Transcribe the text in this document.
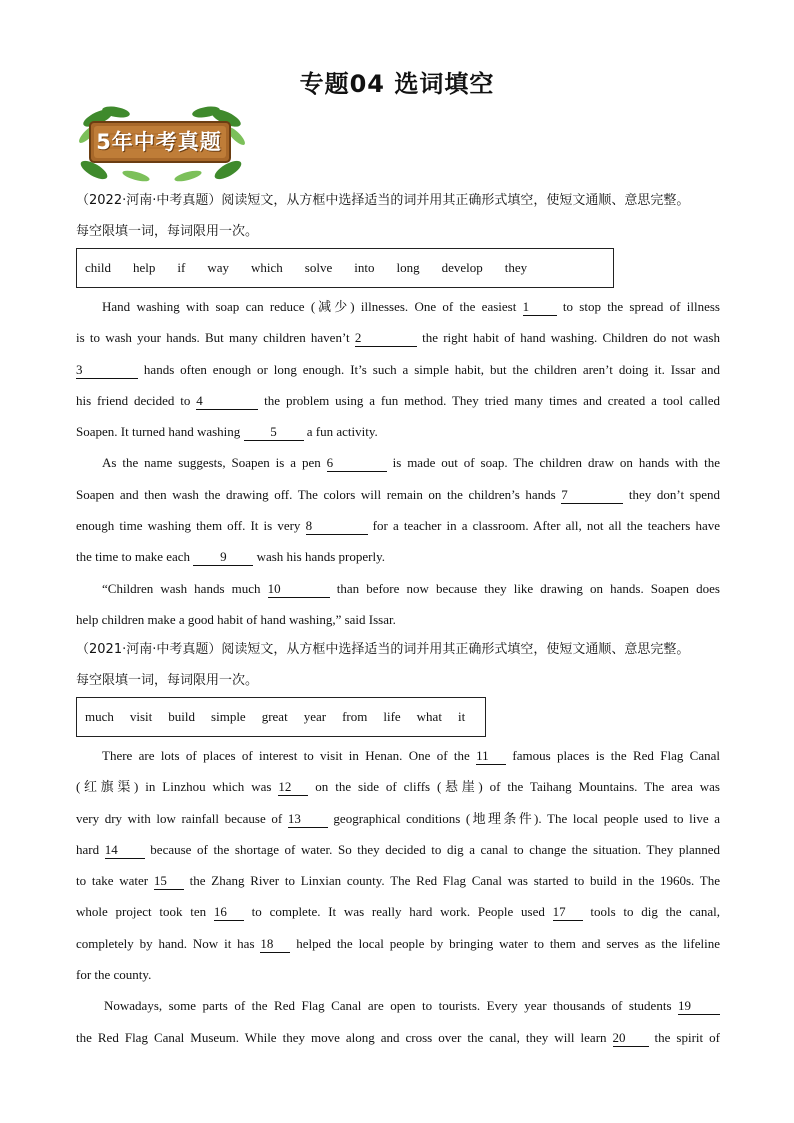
专题04 选词填空
5年中考真题

（2022·河南·中考真题）阅读短文，从方框中选择适当的词并用其正确形式填空，使短文通顺、意思完整。
每空限填一词，每词限用一次。

child help if way which solve into long develop they

Hand washing with soap can reduce (减少) illnesses. One of the easiest 1 to stop the spread of illness
is to wash your hands. But many children haven’t 2	the right habit of hand washing. Children do not wash
3	hands often enough or long enough. It’s such a simple habit, but the children aren’t doing it. Issar and
his friend decided to 4	the problem using a fun method. They tried many times and created a tool called
Soapen. It turned hand washing 5 a fun activity.
As the name suggests, Soapen is a pen 6	is made out of soap. The children draw on hands with the
Soapen and then wash the drawing off. The colors will remain on the children’s hands 7	they don’t spend
enough time washing them off. It is very 8	for a teacher in a classroom. After all, not all the teachers have
the time to make each 9 wash his hands properly.
“Children wash hands much 10	than before now because they like drawing on hands. Soapen does
help children make a good habit of hand washing,” said Issar.

（2021·河南·中考真题）阅读短文，从方框中选择适当的词并用其正确形式填空，使短文通顺、意思完整。
每空限填一词，每词限用一次。

much visit build simple great year from life what it

There are lots of places of interest to visit in Henan. One of the 11 famous places is the Red Flag Canal
(红旗渠) in Linzhou which was 12 on the side of cliffs (悬崖) of the Taihang Mountains. The area was
very dry with low rainfall because of 13 geographical conditions (地理条件). The local people used to live a
hard 14 because of the shortage of water. So they decided to dig a canal to change the situation. They planned
to take water 15 the Zhang River to Linxian county. The Red Flag Canal was started to build in the 1960s. The
whole project took ten 16 to complete. It was really hard work. People used 17 tools to dig the canal,
completely by hand. Now it has 18 helped the local people by bringing water to them and serves as the lifeline
for the county.
Nowadays, some parts of the Red Flag Canal are open to tourists. Every year thousands of students 19
the Red Flag Canal Museum. While they move along and cross over the canal, they will learn 20 the spirit of
